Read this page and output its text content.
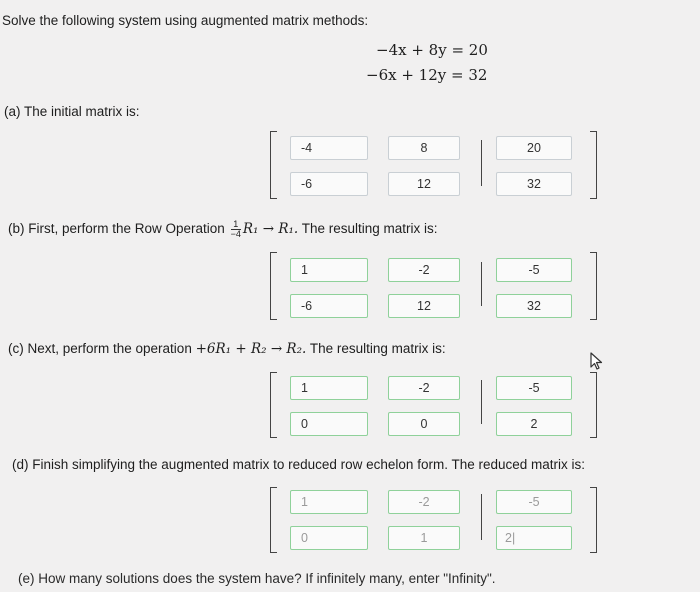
Solve the following system using augmented matrix methods:
−4x + 8y = 20
−6x + 12y = 32
(a) The initial matrix is:
-4	8	20
-6	12	32
(b) First, perform the Row Operation $\frac{1}{-4} R_1 \to R_1$. The resulting matrix is:
1	-2	-5
-6	12	32
(c) Next, perform the operation +6R₁ + R₂ → R₂. The resulting matrix is:
1	-2	-5
0	0	2
(d) Finish simplifying the augmented matrix to reduced row echelon form. The reduced matrix is:
1	-2	-5
0	1	2|
(e) How many solutions does the system have? If infinitely many, enter "Infinity".
